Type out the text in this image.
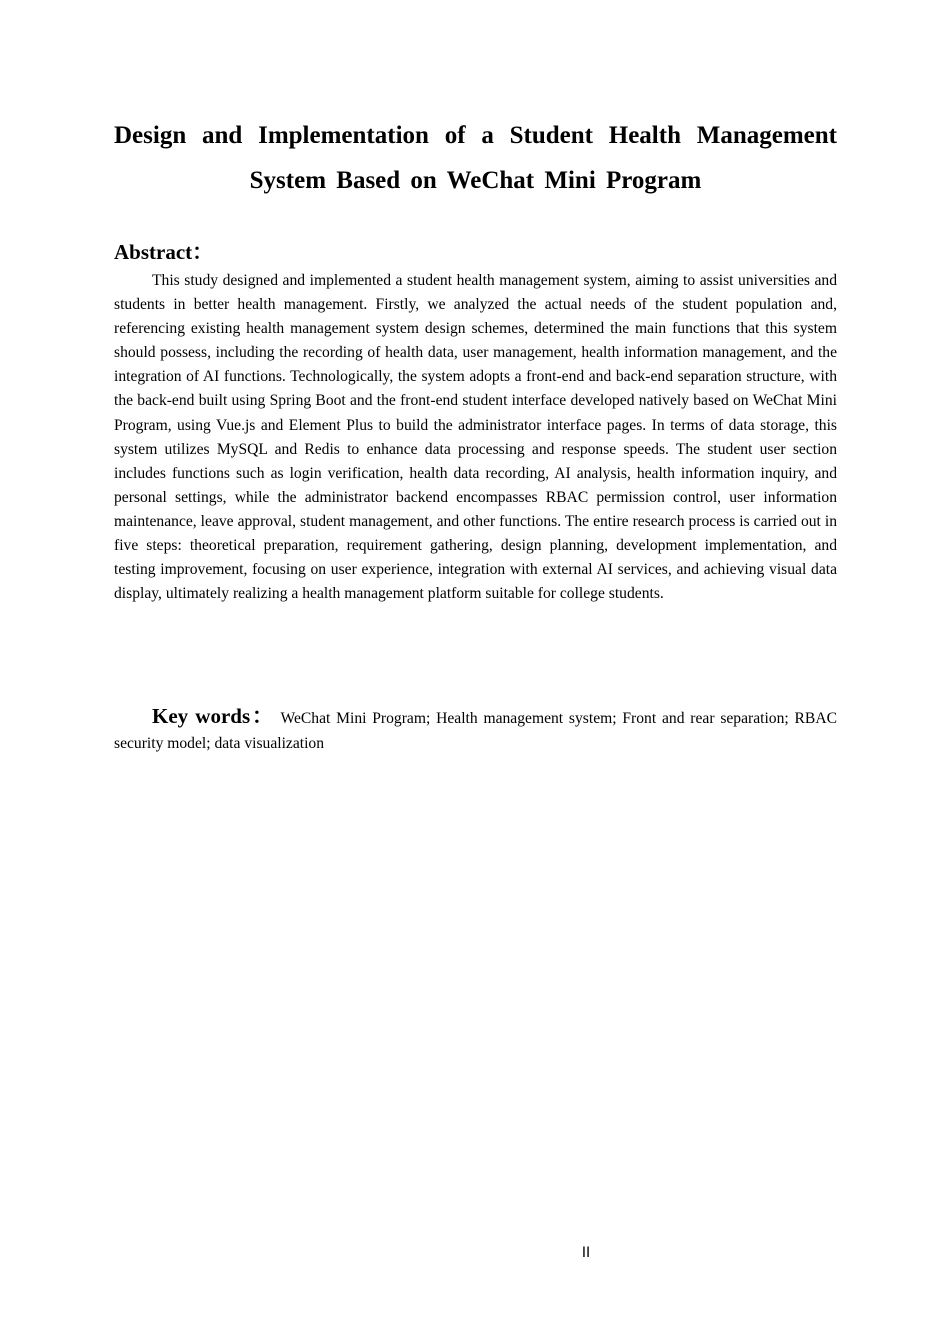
Design and Implementation of a Student Health Management System Based on WeChat Mini Program
Abstract：

This study designed and implemented a student health management system, aiming to assist universities and students in better health management. Firstly, we analyzed the actual needs of the student population and, referencing existing health management system design schemes, determined the main functions that this system should possess, including the recording of health data, user management, health information management, and the integration of AI functions. Technologically, the system adopts a front-end and back-end separation structure, with the back-end built using Spring Boot and the front-end student interface developed natively based on WeChat Mini Program, using Vue.js and Element Plus to build the administrator interface pages. In terms of data storage, this system utilizes MySQL and Redis to enhance data processing and response speeds. The student user section includes functions such as login verification, health data recording, AI analysis, health information inquiry, and personal settings, while the administrator backend encompasses RBAC permission control, user information maintenance, leave approval, student management, and other functions. The entire research process is carried out in five steps: theoretical preparation, requirement gathering, design planning, development implementation, and testing improvement, focusing on user experience, integration with external AI services, and achieving visual data display, ultimately realizing a health management platform suitable for college students.

Key words： WeChat Mini Program; Health management system; Front and rear separation; RBAC security model; data visualization

II
